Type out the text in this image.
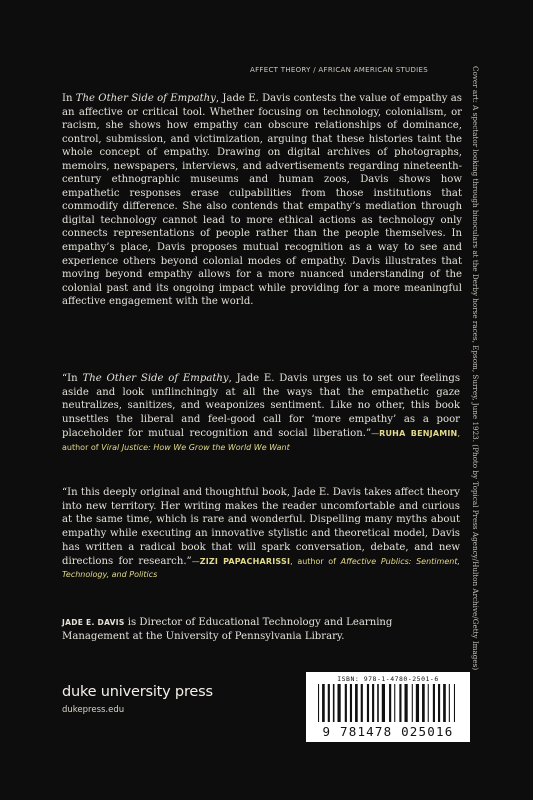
AFFECT THEORY / AFRICAN AMERICAN STUDIES

In The Other Side of Empathy, Jade E. Davis contests the value of empathy as an affective or critical tool. Whether focusing on technology, colonialism, or racism, she shows how empathy can obscure relationships of dominance, control, submission, and victimization, arguing that these histories taint the whole concept of empathy. Drawing on digital archives of photographs, memoirs, newspapers, interviews, and advertisements regarding nineteenth-century ethnographic museums and human zoos, Davis shows how empathetic responses erase culpabilities from those institutions that commodify difference. She also contends that empathy’s mediation through digital technology cannot lead to more ethical actions as technology only connects representations of people rather than the people themselves. In empathy’s place, Davis proposes mutual recognition as a way to see and experience others beyond colonial modes of empathy. Davis illustrates that moving beyond empathy allows for a more nuanced understanding of the colonial past and its ongoing impact while providing for a more meaningful affective engagement with the world.

“In The Other Side of Empathy, Jade E. Davis urges us to set our feelings aside and look unflinchingly at all the ways that the empathetic gaze neutralizes, sanitizes, and weaponizes sentiment. Like no other, this book unsettles the liberal and feel-good call for ‘more empathy’ as a poor placeholder for mutual recognition and social liberation.”—RUHA BENJAMIN, author of Viral Justice: How We Grow the World We Want

“In this deeply original and thoughtful book, Jade E. Davis takes affect theory into new territory. Her writing makes the reader uncomfortable and curious at the same time, which is rare and wonderful. Dispelling many myths about empathy while executing an innovative stylistic and theoretical model, Davis has written a radical book that will spark conversation, debate, and new directions for research.”—ZIZI PAPACHARISSI, author of Affective Publics: Sentiment, Technology, and Politics

JADE E. DAVIS is Director of Educational Technology and Learning Management at the University of Pennsylvania Library.

duke university press
dukepress.edu
Cover art: A spectator looking through binoculars at the Derby horse races, Epsom, Surrey, June 1923. (Photo by Topical Press Agency/Hulton Archive/Getty Images)
ISBN: 978-1-4780-2501-6
9 781478 025016
